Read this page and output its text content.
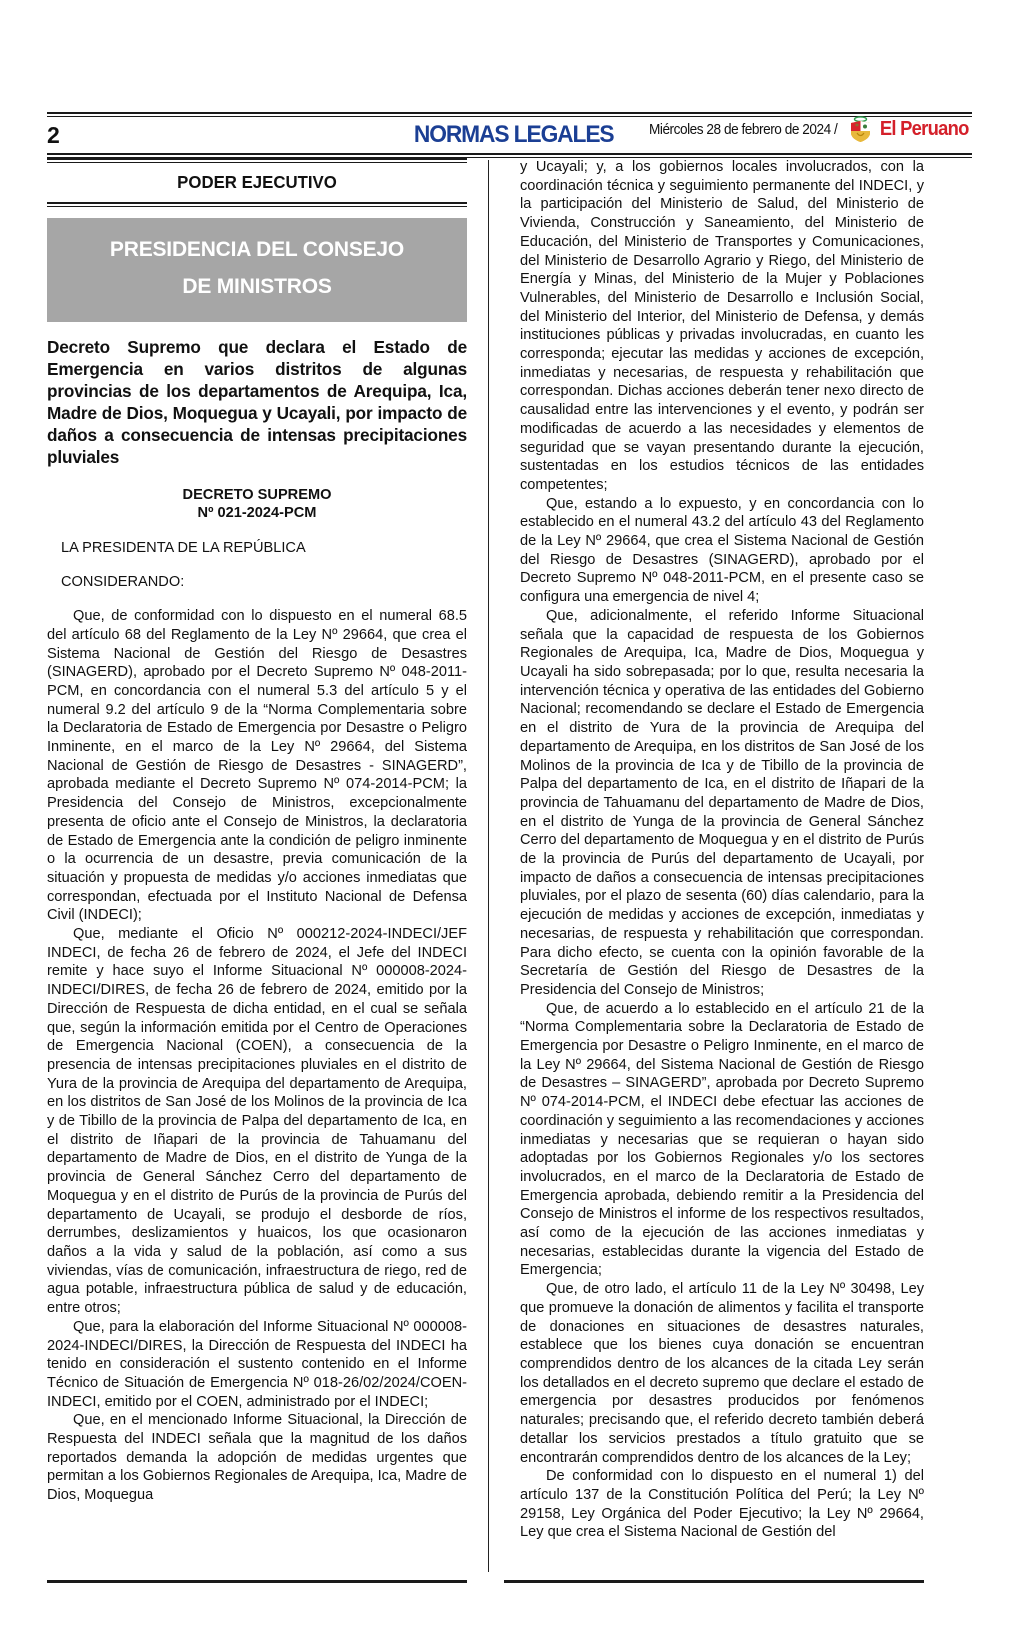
2	NORMAS LEGALES	Miércoles 28 de febrero de 2024 / El Peruano
PODER EJECUTIVO
PRESIDENCIA DEL CONSEJO
DE MINISTROS
Decreto Supremo que declara el Estado de Emergencia en varios distritos de algunas provincias de los departamentos de Arequipa, Ica, Madre de Dios, Moquegua y Ucayali, por impacto de daños a consecuencia de intensas precipitaciones pluviales
DECRETO SUPREMO
Nº 021-2024-PCM
LA PRESIDENTA DE LA REPÚBLICA
CONSIDERANDO:

Que, de conformidad con lo dispuesto en el numeral 68.5 del artículo 68 del Reglamento de la Ley Nº 29664, que crea el Sistema Nacional de Gestión del Riesgo de Desastres (SINAGERD), aprobado por el Decreto Supremo Nº 048-2011-PCM, en concordancia con el numeral 5.3 del artículo 5 y el numeral 9.2 del artículo 9 de la “Norma Complementaria sobre la Declaratoria de Estado de Emergencia por Desastre o Peligro Inminente, en el marco de la Ley Nº 29664, del Sistema Nacional de Gestión de Riesgo de Desastres - SINAGERD”, aprobada mediante el Decreto Supremo Nº 074-2014-PCM; la Presidencia del Consejo de Ministros, excepcionalmente presenta de oficio ante el Consejo de Ministros, la declaratoria de Estado de Emergencia ante la condición de peligro inminente o la ocurrencia de un desastre, previa comunicación de la situación y propuesta de medidas y/o acciones inmediatas que correspondan, efectuada por el Instituto Nacional de Defensa Civil (INDECI);

Que, mediante el Oficio Nº 000212-2024-INDECI/JEF INDECI, de fecha 26 de febrero de 2024, el Jefe del INDECI remite y hace suyo el Informe Situacional Nº 000008-2024-INDECI/DIRES, de fecha 26 de febrero de 2024, emitido por la Dirección de Respuesta de dicha entidad, en el cual se señala que, según la información emitida por el Centro de Operaciones de Emergencia Nacional (COEN), a consecuencia de la presencia de intensas precipitaciones pluviales en el distrito de Yura de la provincia de Arequipa del departamento de Arequipa, en los distritos de San José de los Molinos de la provincia de Ica y de Tibillo de la provincia de Palpa del departamento de Ica, en el distrito de Iñapari de la provincia de Tahuamanu del departamento de Madre de Dios, en el distrito de Yunga de la provincia de General Sánchez Cerro del departamento de Moquegua y en el distrito de Purús de la provincia de Purús del departamento de Ucayali, se produjo el desborde de ríos, derrumbes, deslizamientos y huaicos, los que ocasionaron daños a la vida y salud de la población, así como a sus viviendas, vías de comunicación, infraestructura de riego, red de agua potable, infraestructura pública de salud y de educación, entre otros;

Que, para la elaboración del Informe Situacional Nº 000008-2024-INDECI/DIRES, la Dirección de Respuesta del INDECI ha tenido en consideración el sustento contenido en el Informe Técnico de Situación de Emergencia Nº 018-26/02/2024/COEN-INDECI, emitido por el COEN, administrado por el INDECI;

Que, en el mencionado Informe Situacional, la Dirección de Respuesta del INDECI señala que la magnitud de los daños reportados demanda la adopción de medidas urgentes que permitan a los Gobiernos Regionales de Arequipa, Ica, Madre de Dios, Moquegua

y Ucayali; y, a los gobiernos locales involucrados, con la coordinación técnica y seguimiento permanente del INDECI, y la participación del Ministerio de Salud, del Ministerio de Vivienda, Construcción y Saneamiento, del Ministerio de Educación, del Ministerio de Transportes y Comunicaciones, del Ministerio de Desarrollo Agrario y Riego, del Ministerio de Energía y Minas, del Ministerio de la Mujer y Poblaciones Vulnerables, del Ministerio de Desarrollo e Inclusión Social, del Ministerio del Interior, del Ministerio de Defensa, y demás instituciones públicas y privadas involucradas, en cuanto les corresponda; ejecutar las medidas y acciones de excepción, inmediatas y necesarias, de respuesta y rehabilitación que correspondan. Dichas acciones deberán tener nexo directo de causalidad entre las intervenciones y el evento, y podrán ser modificadas de acuerdo a las necesidades y elementos de seguridad que se vayan presentando durante la ejecución, sustentadas en los estudios técnicos de las entidades competentes;

Que, estando a lo expuesto, y en concordancia con lo establecido en el numeral 43.2 del artículo 43 del Reglamento de la Ley Nº 29664, que crea el Sistema Nacional de Gestión del Riesgo de Desastres (SINAGERD), aprobado por el Decreto Supremo Nº 048-2011-PCM, en el presente caso se configura una emergencia de nivel 4;

Que, adicionalmente, el referido Informe Situacional señala que la capacidad de respuesta de los Gobiernos Regionales de Arequipa, Ica, Madre de Dios, Moquegua y Ucayali ha sido sobrepasada; por lo que, resulta necesaria la intervención técnica y operativa de las entidades del Gobierno Nacional; recomendando se declare el Estado de Emergencia en el distrito de Yura de la provincia de Arequipa del departamento de Arequipa, en los distritos de San José de los Molinos de la provincia de Ica y de Tibillo de la provincia de Palpa del departamento de Ica, en el distrito de Iñapari de la provincia de Tahuamanu del departamento de Madre de Dios, en el distrito de Yunga de la provincia de General Sánchez Cerro del departamento de Moquegua y en el distrito de Purús de la provincia de Purús del departamento de Ucayali, por impacto de daños a consecuencia de intensas precipitaciones pluviales, por el plazo de sesenta (60) días calendario, para la ejecución de medidas y acciones de excepción, inmediatas y necesarias, de respuesta y rehabilitación que correspondan. Para dicho efecto, se cuenta con la opinión favorable de la Secretaría de Gestión del Riesgo de Desastres de la Presidencia del Consejo de Ministros;

Que, de acuerdo a lo establecido en el artículo 21 de la “Norma Complementaria sobre la Declaratoria de Estado de Emergencia por Desastre o Peligro Inminente, en el marco de la Ley Nº 29664, del Sistema Nacional de Gestión de Riesgo de Desastres – SINAGERD”, aprobada por Decreto Supremo Nº 074-2014-PCM, el INDECI debe efectuar las acciones de coordinación y seguimiento a las recomendaciones y acciones inmediatas y necesarias que se requieran o hayan sido adoptadas por los Gobiernos Regionales y/o los sectores involucrados, en el marco de la Declaratoria de Estado de Emergencia aprobada, debiendo remitir a la Presidencia del Consejo de Ministros el informe de los respectivos resultados, así como de la ejecución de las acciones inmediatas y necesarias, establecidas durante la vigencia del Estado de Emergencia;

Que, de otro lado, el artículo 11 de la Ley Nº 30498, Ley que promueve la donación de alimentos y facilita el transporte de donaciones en situaciones de desastres naturales, establece que los bienes cuya donación se encuentran comprendidos dentro de los alcances de la citada Ley serán los detallados en el decreto supremo que declare el estado de emergencia por desastres producidos por fenómenos naturales; precisando que, el referido decreto también deberá detallar los servicios prestados a título gratuito que se encontrarán comprendidos dentro de los alcances de la Ley;

De conformidad con lo dispuesto en el numeral 1) del artículo 137 de la Constitución Política del Perú; la Ley Nº 29158, Ley Orgánica del Poder Ejecutivo; la Ley Nº 29664, Ley que crea el Sistema Nacional de Gestión del
